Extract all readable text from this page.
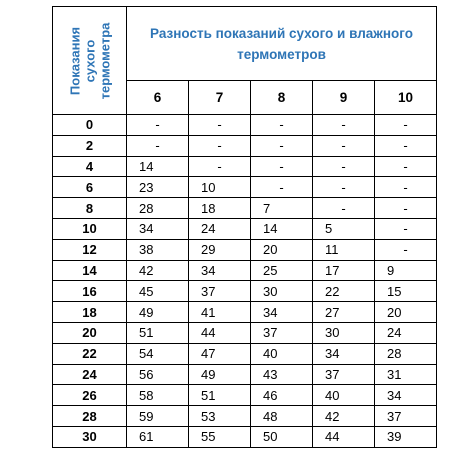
Показания сухого термометра	Разность показаний сухого и влажного термометров				
	6	7	8	9	10
0	-	-	-	-	-
2	-	-	-	-	-
4	14	-	-	-	-
6	23	10	-	-	-
8	28	18	7	-	-
10	34	24	14	5	-
12	38	29	20	11	-
14	42	34	25	17	9
16	45	37	30	22	15
18	49	41	34	27	20
20	51	44	37	30	24
22	54	47	40	34	28
24	56	49	43	37	31
26	58	51	46	40	34
28	59	53	48	42	37
30	61	55	50	44	39
